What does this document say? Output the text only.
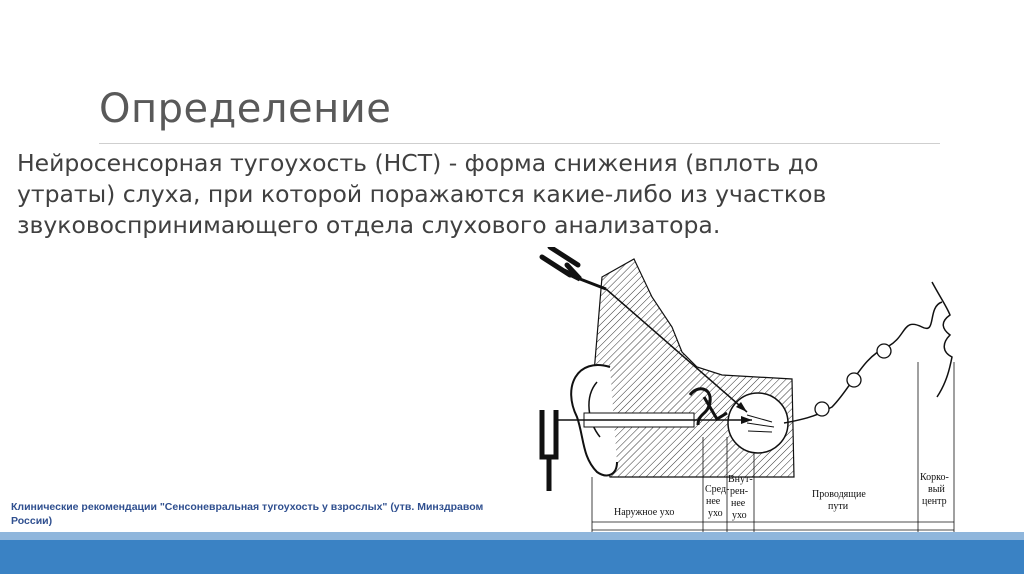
Определение
Нейросенсорная тугоухость (НСТ) - форма снижения (вплоть до утраты) слуха, при которой поражаются какие-либо из участков звуковоспринимающего отдела слухового анализатора.
Наружное ухо
Сред- нее ухо
Внут- рен- нее ухо
Проводящие пути
Корко- вый центр
Клинические рекомендации "Сенсоневральная тугоухость у взрослых" (утв. Минздравом России)
